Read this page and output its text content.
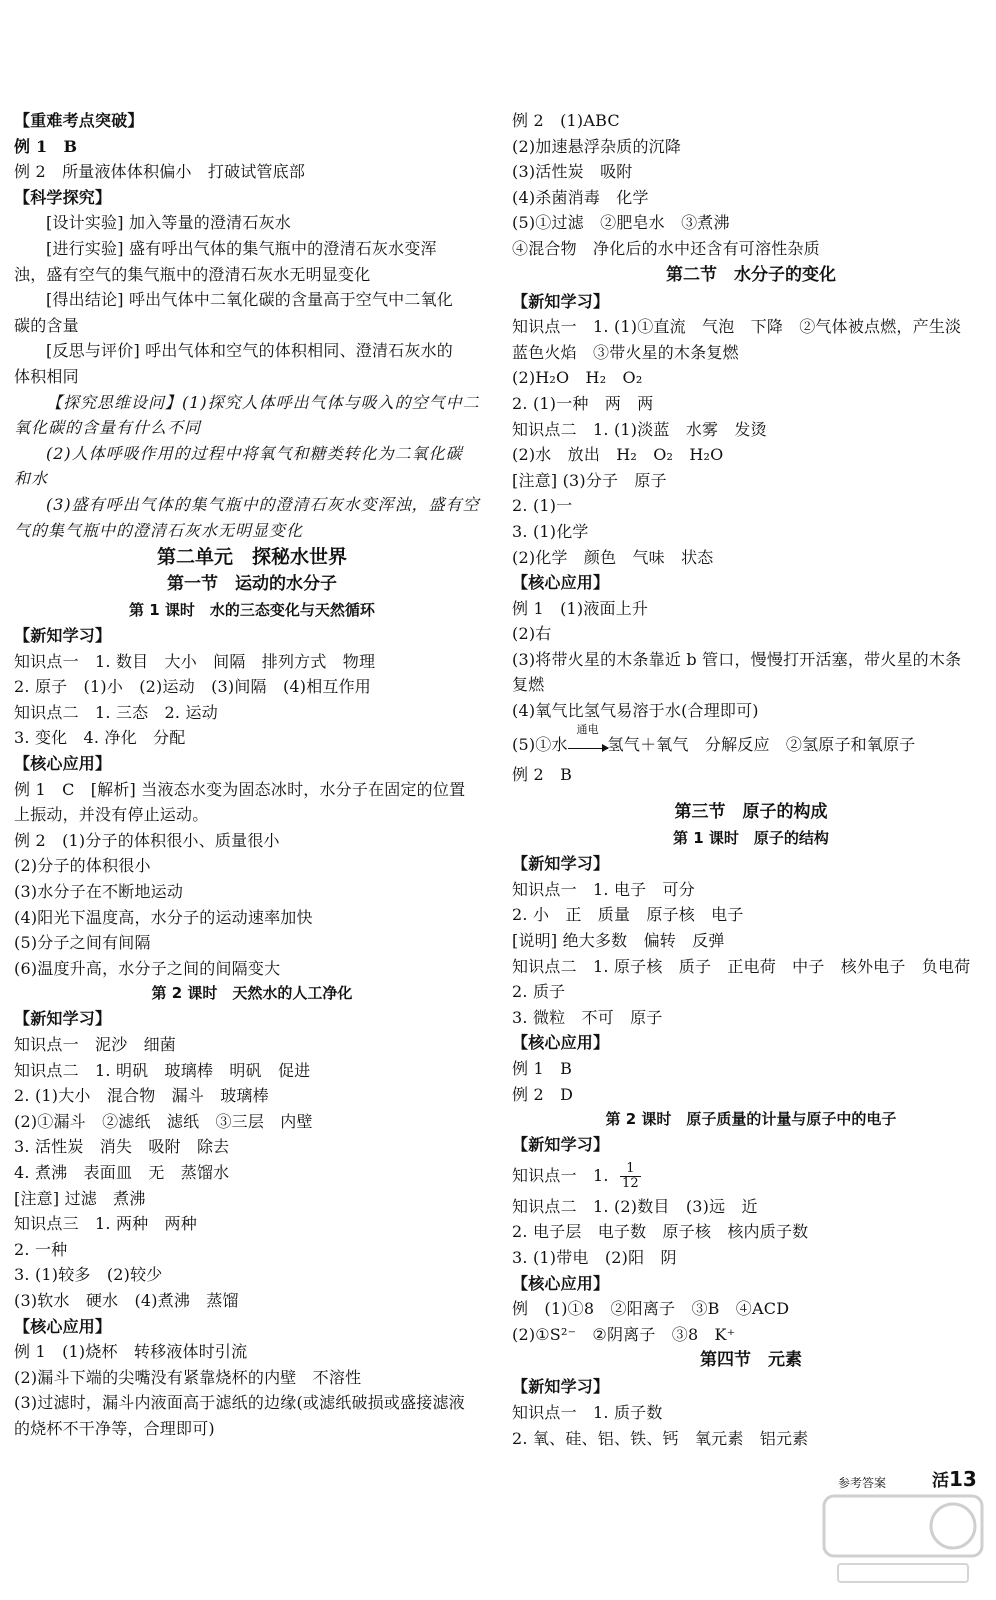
【重难考点突破】
例 1　B
例 2　所量液体体积偏小　打破试管底部
【科学探究】
[设计实验] 加入等量的澄清石灰水
[进行实验] 盛有呼出气体的集气瓶中的澄清石灰水变浑
浊，盛有空气的集气瓶中的澄清石灰水无明显变化
[得出结论] 呼出气体中二氧化碳的含量高于空气中二氧化
碳的含量
[反思与评价] 呼出气体和空气的体积相同、澄清石灰水的
体积相同
【探究思维设问】(1)探究人体呼出气体与吸入的空气中二
氧化碳的含量有什么不同
(2)人体呼吸作用的过程中将氧气和糖类转化为二氧化碳
和水
(3)盛有呼出气体的集气瓶中的澄清石灰水变浑浊，盛有空
气的集气瓶中的澄清石灰水无明显变化
第二单元　探秘水世界
第一节　运动的水分子
第 1 课时　水的三态变化与天然循环
【新知学习】
知识点一　1. 数目　大小　间隔　排列方式　物理
2. 原子　(1)小　(2)运动　(3)间隔　(4)相互作用
知识点二　1. 三态　2. 运动
3. 变化　4. 净化　分配
【核心应用】
例 1　C　[解析] 当液态水变为固态冰时，水分子在固定的位置
上振动，并没有停止运动。
例 2　(1)分子的体积很小、质量很小
(2)分子的体积很小
(3)水分子在不断地运动
(4)阳光下温度高，水分子的运动速率加快
(5)分子之间有间隔
(6)温度升高，水分子之间的间隔变大
第 2 课时　天然水的人工净化
【新知学习】
知识点一　泥沙　细菌
知识点二　1. 明矾　玻璃棒　明矾　促进
2. (1)大小　混合物　漏斗　玻璃棒
(2)①漏斗　②滤纸　滤纸　③三层　内壁
3. 活性炭　消失　吸附　除去
4. 煮沸　表面皿　无　蒸馏水
[注意] 过滤　煮沸
知识点三　1. 两种　两种
2. 一种
3. (1)较多　(2)较少
(3)软水　硬水　(4)煮沸　蒸馏
【核心应用】
例 1　(1)烧杯　转移液体时引流
(2)漏斗下端的尖嘴没有紧靠烧杯的内壁　不溶性
(3)过滤时，漏斗内液面高于滤纸的边缘(或滤纸破损或盛接滤液
的烧杯不干净等，合理即可)
例 2　(1)ABC
(2)加速悬浮杂质的沉降
(3)活性炭　吸附
(4)杀菌消毒　化学
(5)①过滤　②肥皂水　③煮沸
④混合物　净化后的水中还含有可溶性杂质
第二节　水分子的变化
【新知学习】
知识点一　1. (1)①直流　气泡　下降　②气体被点燃，产生淡
蓝色火焰　③带火星的木条复燃
(2)H₂O　H₂　O₂
2. (1)一种　两　两
知识点二　1. (1)淡蓝　水雾　发烫
(2)水　放出　H₂　O₂　H₂O
[注意] (3)分子　原子
2. (1)一
3. (1)化学
(2)化学　颜色　气味　状态
【核心应用】
例 1　(1)液面上升
(2)右
(3)将带火星的木条靠近 b 管口，慢慢打开活塞，带火星的木条
复燃
(4)氧气比氢气易溶于水(合理即可)
(5)①水
通电
氢气＋氧气　分解反应　②氢原子和氧原子
例 2　B
第三节　原子的构成
第 1 课时　原子的结构
【新知学习】
知识点一　1. 电子　可分
2. 小　正　质量　原子核　电子
[说明] 绝大多数　偏转　反弹
知识点二　1. 原子核　质子　正电荷　中子　核外电子　负电荷
2. 质子
3. 微粒　不可　原子
【核心应用】
例 1　B
例 2　D
第 2 课时　原子质量的计量与原子中的电子
【新知学习】
知识点一　1. $\frac{1}{12}$
知识点二　1. (2)数目　(3)远　近
2. 电子层　电子数　原子核　核内质子数
3. (1)带电　(2)阳　阴
【核心应用】
例　(1)①8　②阳离子　③B　④ACD
(2)①S²⁻　②阴离子　③8　K⁺
第四节　元素
【新知学习】
知识点一　1. 质子数
2. 氧、硅、铝、铁、钙　氧元素　铝元素
参考答案	活13
